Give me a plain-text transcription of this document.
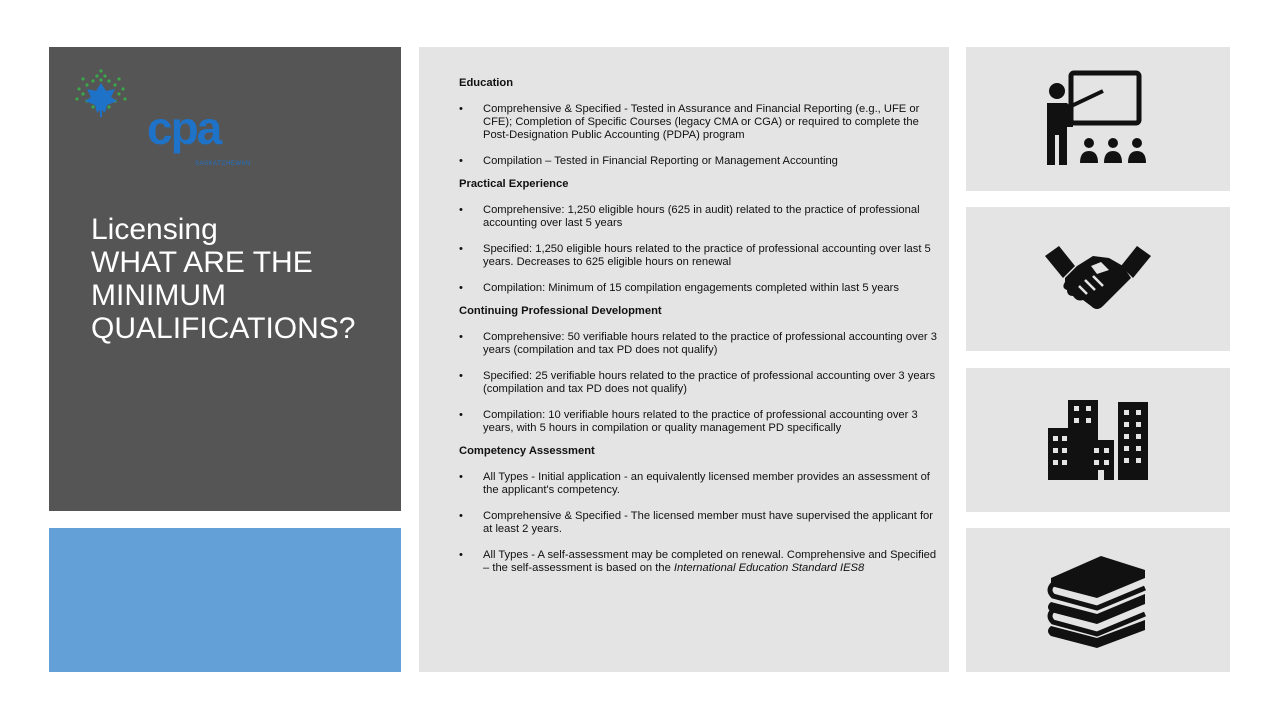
cpa
SASKATCHEWAN
Licensing
WHAT ARE THE
MINIMUM
QUALIFICATIONS?
Education
• Comprehensive & Specified - Tested in Assurance and Financial Reporting (e.g., UFE or CFE); Completion of Specific Courses (legacy CMA or CGA) or required to complete the Post-Designation Public Accounting (PDPA) program
• Compilation – Tested in Financial Reporting or Management Accounting
Practical Experience
• Comprehensive: 1,250 eligible hours (625 in audit) related to the practice of professional accounting over last 5 years
• Specified: 1,250 eligible hours related to the practice of professional accounting over last 5 years. Decreases to 625 eligible hours on renewal
• Compilation: Minimum of 15 compilation engagements completed within last 5 years
Continuing Professional Development
• Comprehensive: 50 verifiable hours related to the practice of professional accounting over 3 years (compilation and tax PD does not qualify)
• Specified: 25 verifiable hours related to the practice of professional accounting over 3 years (compilation and tax PD does not qualify)
• Compilation: 10 verifiable hours related to the practice of professional accounting over 3 years, with 5 hours in compilation or quality management PD specifically
Competency Assessment
• All Types - Initial application - an equivalently licensed member provides an assessment of the applicant's competency.
• Comprehensive & Specified - The licensed member must have supervised the applicant for at least 2 years.
• All Types - A self-assessment may be completed on renewal. Comprehensive and Specified – the self-assessment is based on the International Education Standard IES8
